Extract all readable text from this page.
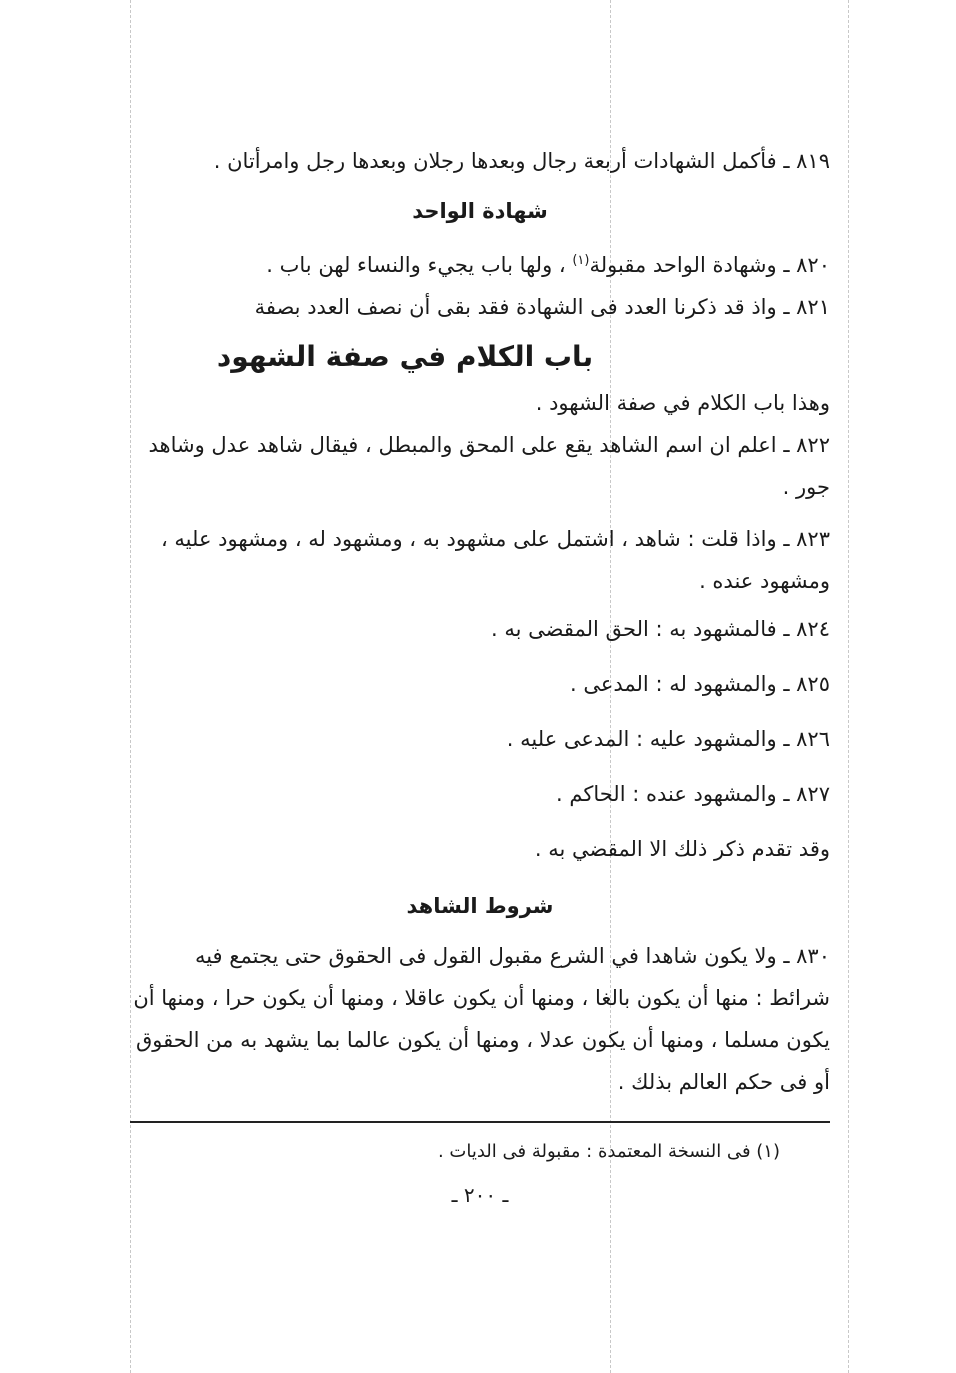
٨١٩ ـ فأكمل الشهادات أربعة رجال وبعدها رجلان وبعدها رجل وامرأتان .

شهادة الواحد

٨٢٠ ـ وشهادة الواحد مقبولة$^{(١)}$ ، ولها باب يجيء والنساء لهن باب .

٨٢١ ـ واذ قد ذكرنا العدد فى الشهادة فقد بقى أن نصف العدد بصفة

باب الكلام في صفة الشهود

وهذا باب الكلام في صفة الشهود .

٨٢٢ ـ اعلم ان اسم الشاهد يقع على المحق والمبطل ، فيقال شاهد عدل وشاهد جور .

٨٢٣ ـ واذا قلت : شاهد ، اشتمل على مشهود به ، ومشهود له ، ومشهود عليه ، ومشهود عنده .

٨٢٤ ـ فالمشهود به : الحق المقضى به .

٨٢٥ ـ والمشهود له : المدعى .

٨٢٦ ـ والمشهود عليه : المدعى عليه .

٨٢٧ ـ والمشهود عنده : الحاكم .

وقد تقدم ذكر ذلك الا المقضي به .

شروط الشاهد

٨٣٠ ـ ولا يكون شاهدا في الشرع مقبول القول فى الحقوق حتى يجتمع فيه شرائط : منها أن يكون بالغا ، ومنها أن يكون عاقلا ، ومنها أن يكون حرا ، ومنها أن يكون مسلما ، ومنها أن يكون عدلا ، ومنها أن يكون عالما بما يشهد به من الحقوق أو فى حكم العالم بذلك .

(١) فى النسخة المعتمدة : مقبولة فى الديات .
ـ ٢٠٠ ـ
